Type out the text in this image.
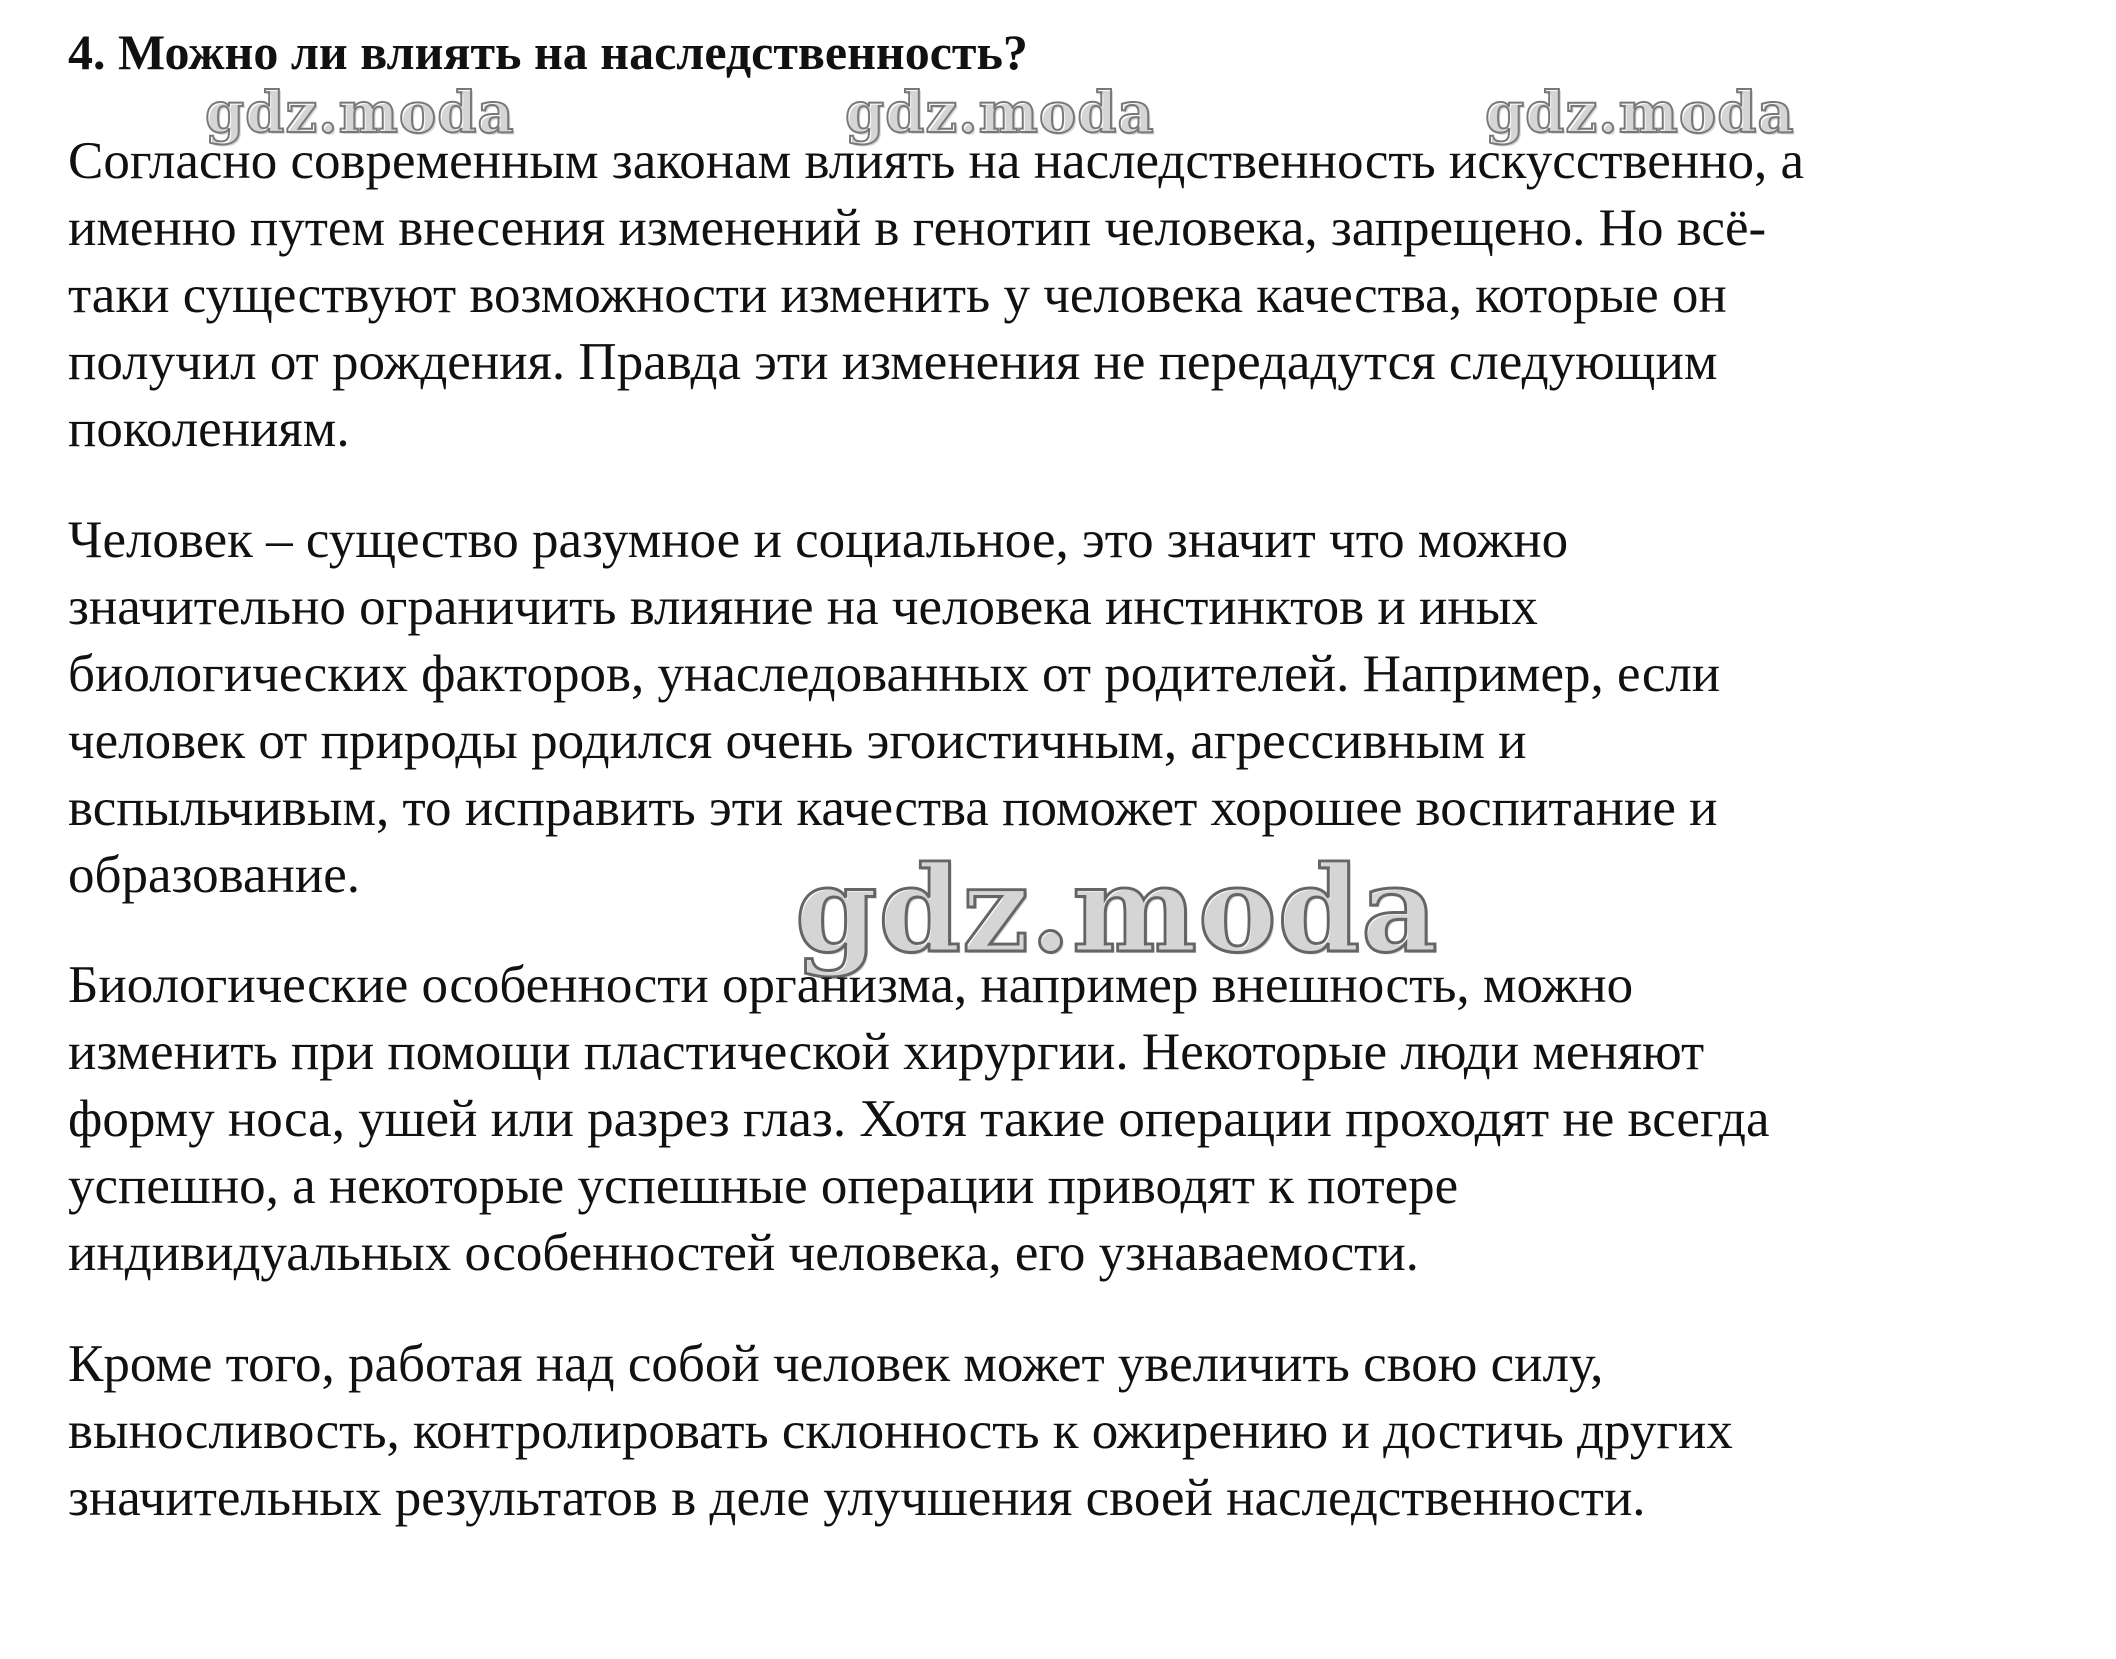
4. Можно ли влиять на наследственность?
gdz.moda	gdz.moda	gdz.moda

Согласно современным законам влиять на наследственность искусственно, а
именно путем внесения изменений в генотип человека, запрещено. Но всё-
таки существуют возможности изменить у человека качества, которые он
получил от рождения. Правда эти изменения не передадутся следующим
поколениям.

Человек – существо разумное и социальное, это значит что можно
значительно ограничить влияние на человека инстинктов и иных
биологических факторов, унаследованных от родителей. Например, если
человек от природы родился очень эгоистичным, агрессивным и
вспыльчивым, то исправить эти качества поможет хорошее воспитание и
образование.	gdz.moda

Биологические особенности организма, например внешность, можно
изменить при помощи пластической хирургии. Некоторые люди меняют
форму носа, ушей или разрез глаз. Хотя такие операции проходят не всегда
успешно, а некоторые успешные операции приводят к потере
индивидуальных особенностей человека, его узнаваемости.

Кроме того, работая над собой человек может увеличить свою силу,
выносливость, контролировать склонность к ожирению и достичь других
значительных результатов в деле улучшения своей наследственности.
